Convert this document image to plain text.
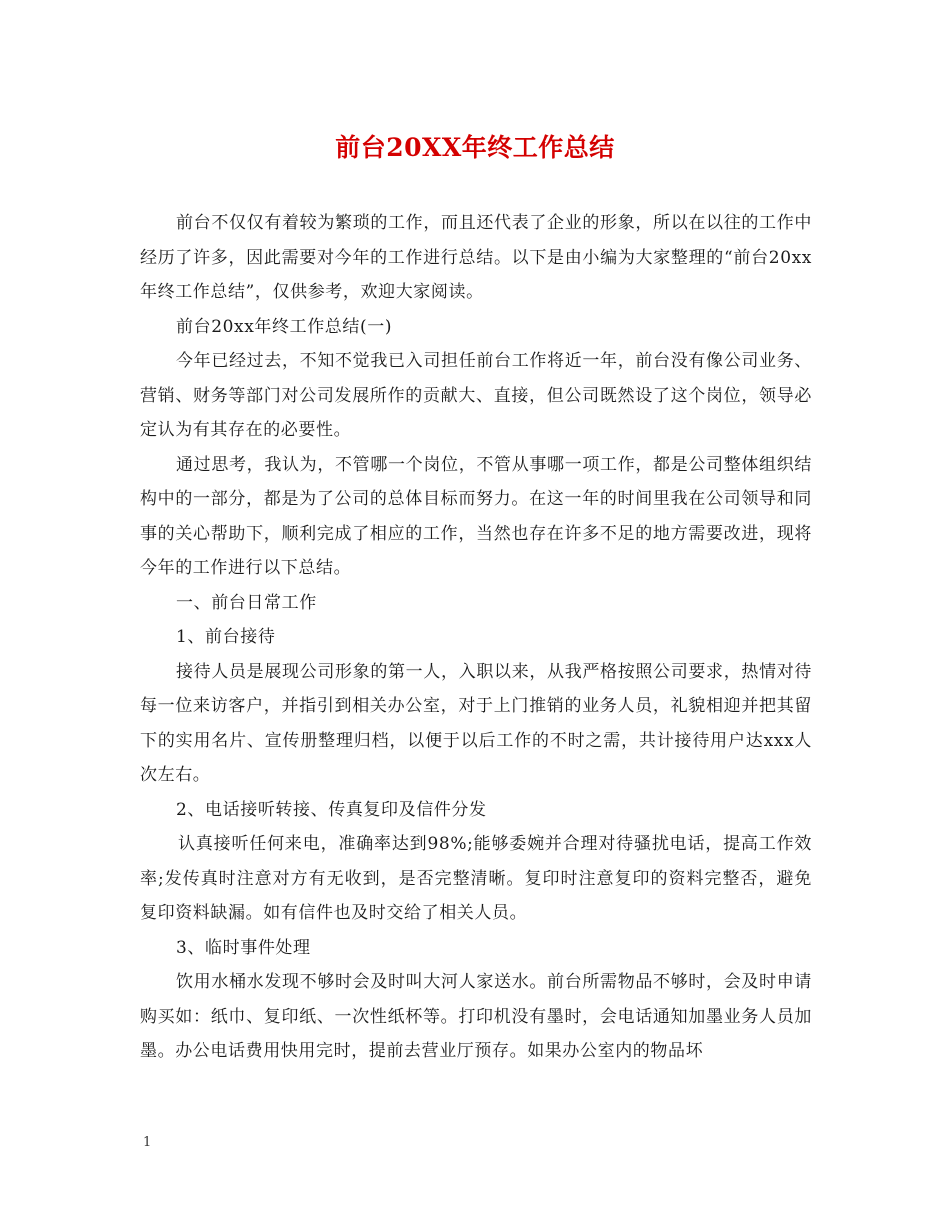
前台20XX年终工作总结

前台不仅仅有着较为繁琐的工作，而且还代表了企业的形象，所以在以往的工作中经历了许多，因此需要对今年的工作进行总结。以下是由小编为大家整理的“前台20xx年终工作总结”，仅供参考，欢迎大家阅读。

前台20xx年终工作总结(一)

今年已经过去，不知不觉我已入司担任前台工作将近一年，前台没有像公司业务、营销、财务等部门对公司发展所作的贡献大、直接，但公司既然设了这个岗位，领导必定认为有其存在的必要性。

通过思考，我认为，不管哪一个岗位，不管从事哪一项工作，都是公司整体组织结构中的一部分，都是为了公司的总体目标而努力。在这一年的时间里我在公司领导和同事的关心帮助下，顺利完成了相应的工作，当然也存在许多不足的地方需要改进，现将今年的工作进行以下总结。

一、前台日常工作

1、前台接待

接待人员是展现公司形象的第一人，入职以来，从我严格按照公司要求，热情对待每一位来访客户，并指引到相关办公室，对于上门推销的业务人员，礼貌相迎并把其留下的实用名片、宣传册整理归档，以便于以后工作的不时之需，共计接待用户达xxx人次左右。

2、电话接听转接、传真复印及信件分发

认真接听任何来电，准确率达到98%;能够委婉并合理对待骚扰电话，提高工作效率;发传真时注意对方有无收到，是否完整清晰。复印时注意复印的资料完整否，避免复印资料缺漏。如有信件也及时交给了相关人员。

3、临时事件处理

饮用水桶水发现不够时会及时叫大河人家送水。前台所需物品不够时，会及时申请购买如：纸巾、复印纸、一次性纸杯等。打印机没有墨时，会电话通知加墨业务人员加墨。办公电话费用快用完时，提前去营业厅预存。如果办公室内的物品坏

1
